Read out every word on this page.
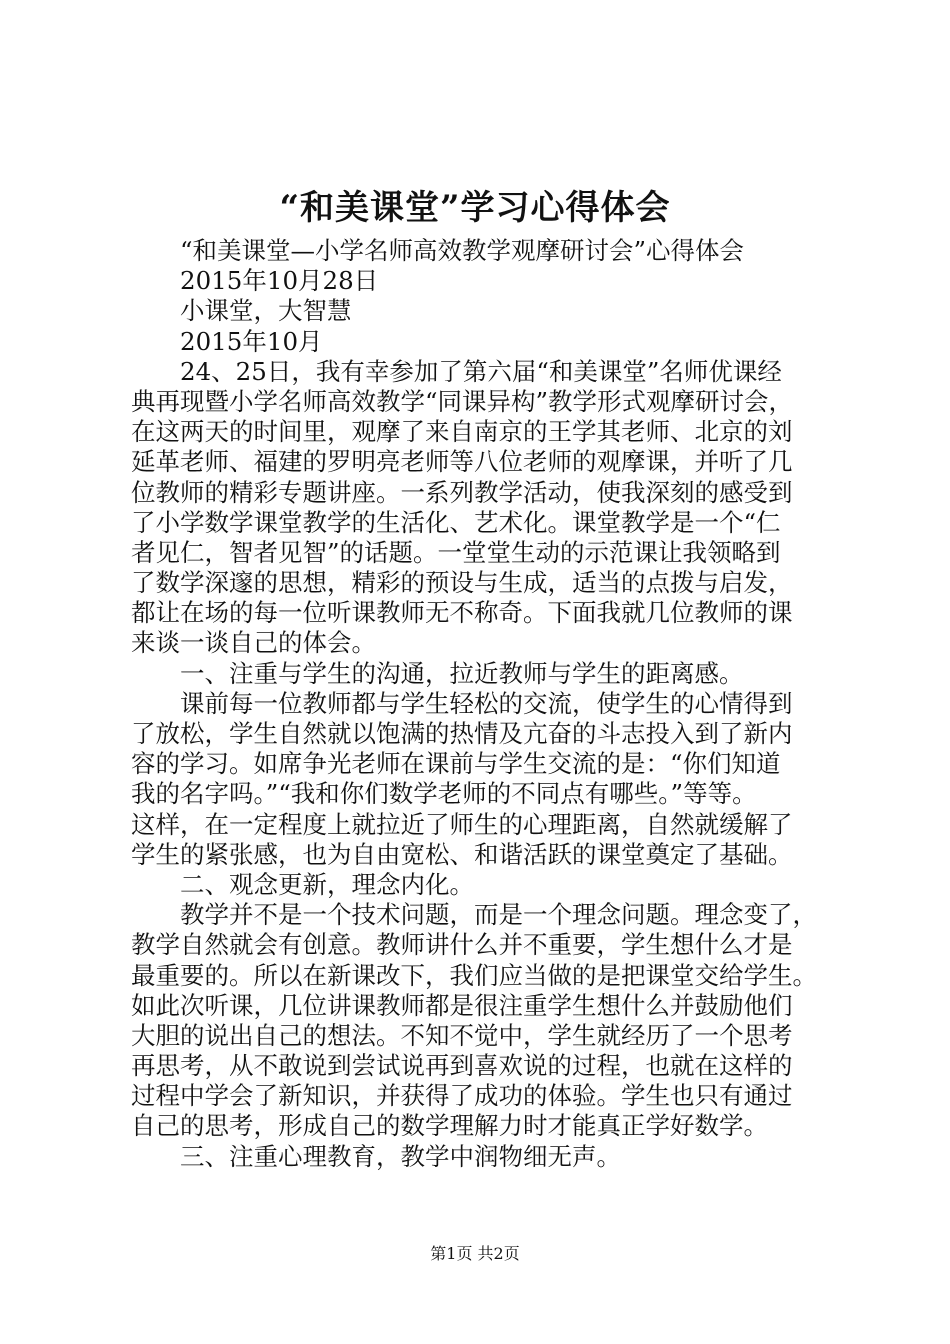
“和美课堂”学习心得体会
“和美课堂—小学名师高效教学观摩研讨会”心得体会
2015年10月28日
小课堂，大智慧
2015年10月
24、25日，我有幸参加了第六届“和美课堂”名师优课经
典再现暨小学名师高效教学“同课异构”教学形式观摩研讨会，
在这两天的时间里，观摩了来自南京的王学其老师、北京的刘
延革老师、福建的罗明亮老师等八位老师的观摩课，并听了几
位教师的精彩专题讲座。一系列教学活动，使我深刻的感受到
了小学数学课堂教学的生活化、艺术化。课堂教学是一个“仁
者见仁，智者见智”的话题。一堂堂生动的示范课让我领略到
了数学深邃的思想，精彩的预设与生成，适当的点拨与启发，
都让在场的每一位听课教师无不称奇。下面我就几位教师的课
来谈一谈自己的体会。
一、注重与学生的沟通，拉近教师与学生的距离感。
课前每一位教师都与学生轻松的交流，使学生的心情得到
了放松，学生自然就以饱满的热情及亢奋的斗志投入到了新内
容的学习。如席争光老师在课前与学生交流的是：“你们知道
我的名字吗。”“我和你们数学老师的不同点有哪些。”等等。
这样，在一定程度上就拉近了师生的心理距离，自然就缓解了
学生的紧张感，也为自由宽松、和谐活跃的课堂奠定了基础。
二、观念更新，理念内化。
教学并不是一个技术问题，而是一个理念问题。理念变了，
教学自然就会有创意。教师讲什么并不重要，学生想什么才是
最重要的。所以在新课改下，我们应当做的是把课堂交给学生。
如此次听课，几位讲课教师都是很注重学生想什么并鼓励他们
大胆的说出自己的想法。不知不觉中，学生就经历了一个思考
再思考，从不敢说到尝试说再到喜欢说的过程，也就在这样的
过程中学会了新知识，并获得了成功的体验。学生也只有通过
自己的思考，形成自己的数学理解力时才能真正学好数学。
三、注重心理教育，教学中润物细无声。
第1页 共2页
